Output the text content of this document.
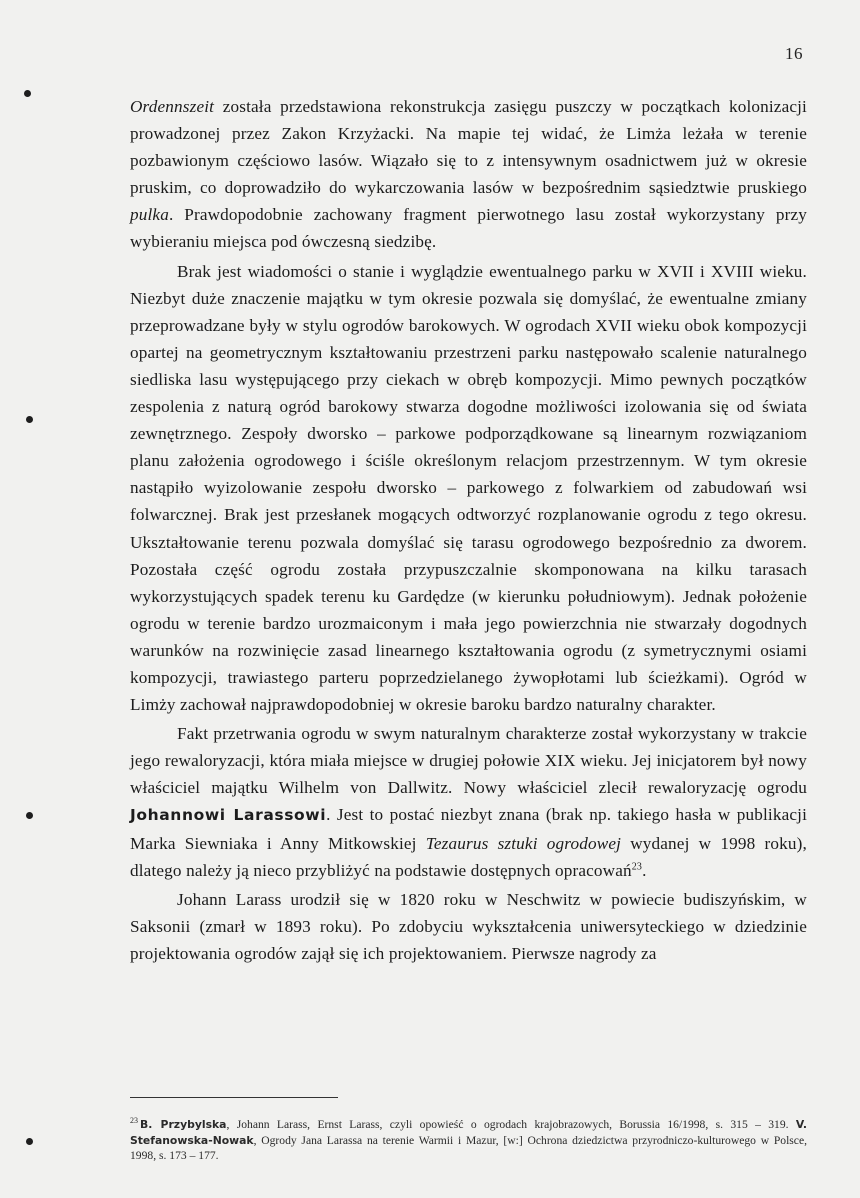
16

Ordennszeit została przedstawiona rekonstrukcja zasięgu puszczy w początkach kolonizacji prowadzonej przez Zakon Krzyżacki. Na mapie tej widać, że Limża leżała w terenie pozbawionym częściowo lasów. Wiązało się to z intensywnym osadnictwem już w okresie pruskim, co doprowadziło do wykarczowania lasów w bezpośrednim sąsiedztwie pruskiego pulka. Prawdopodobnie zachowany fragment pierwotnego lasu został wykorzystany przy wybieraniu miejsca pod ówczesną siedzibę.

Brak jest wiadomości o stanie i wyglądzie ewentualnego parku w XVII i XVIII wieku. Niezbyt duże znaczenie majątku w tym okresie pozwala się domyślać, że ewentualne zmiany przeprowadzane były w stylu ogrodów barokowych. W ogrodach XVII wieku obok kompozycji opartej na geometrycznym kształtowaniu przestrzeni parku następowało scalenie naturalnego siedliska lasu występującego przy ciekach w obręb kompozycji. Mimo pewnych początków zespolenia z naturą ogród barokowy stwarza dogodne możliwości izolowania się od świata zewnętrznego. Zespoły dworsko – parkowe podporządkowane są linearnym rozwiązaniom planu założenia ogrodowego i ściśle określonym relacjom przestrzennym. W tym okresie nastąpiło wyizolowanie zespołu dworsko – parkowego z folwarkiem od zabudowań wsi folwarcznej. Brak jest przesłanek mogących odtworzyć rozplanowanie ogrodu z tego okresu. Ukształtowanie terenu pozwala domyślać się tarasu ogrodowego bezpośrednio za dworem. Pozostała część ogrodu została przypuszczalnie skomponowana na kilku tarasach wykorzystujących spadek terenu ku Gardędze (w kierunku południowym). Jednak położenie ogrodu w terenie bardzo urozmaiconym i mała jego powierzchnia nie stwarzały dogodnych warunków na rozwinięcie zasad linearnego kształtowania ogrodu (z symetrycznymi osiami kompozycji, trawiastego parteru poprzedzielanego żywopłotami lub ścieżkami). Ogród w Limży zachował najprawdopodobniej w okresie baroku bardzo naturalny charakter.

Fakt przetrwania ogrodu w swym naturalnym charakterze został wykorzystany w trakcie jego rewaloryzacji, która miała miejsce w drugiej połowie XIX wieku. Jej inicjatorem był nowy właściciel majątku Wilhelm von Dallwitz. Nowy właściciel zlecił rewaloryzację ogrodu Johannowi Larassowi. Jest to postać niezbyt znana (brak np. takiego hasła w publikacji Marka Siewniaka i Anny Mitkowskiej Tezaurus sztuki ogrodowej wydanej w 1998 roku), dlatego należy ją nieco przybliżyć na podstawie dostępnych opracowań$^{23}$.

Johann Larass urodził się w 1820 roku w Neschwitz w powiecie budiszyńskim, w Saksonii (zmarł w 1893 roku). Po zdobyciu wykształcenia uniwersyteckiego w dziedzinie projektowania ogrodów zajął się ich projektowaniem. Pierwsze nagrody za

$^{23}$ B. Przybylska, Johann Larass, Ernst Larass, czyli opowieść o ogrodach krajobrazowych, Borussia 16/1998, s. 315 – 319. V. Stefanowska-Nowak, Ogrody Jana Larassa na terenie Warmii i Mazur, [w:] Ochrona dziedzictwa przyrodniczo-kulturowego w Polsce, 1998, s. 173 – 177.
